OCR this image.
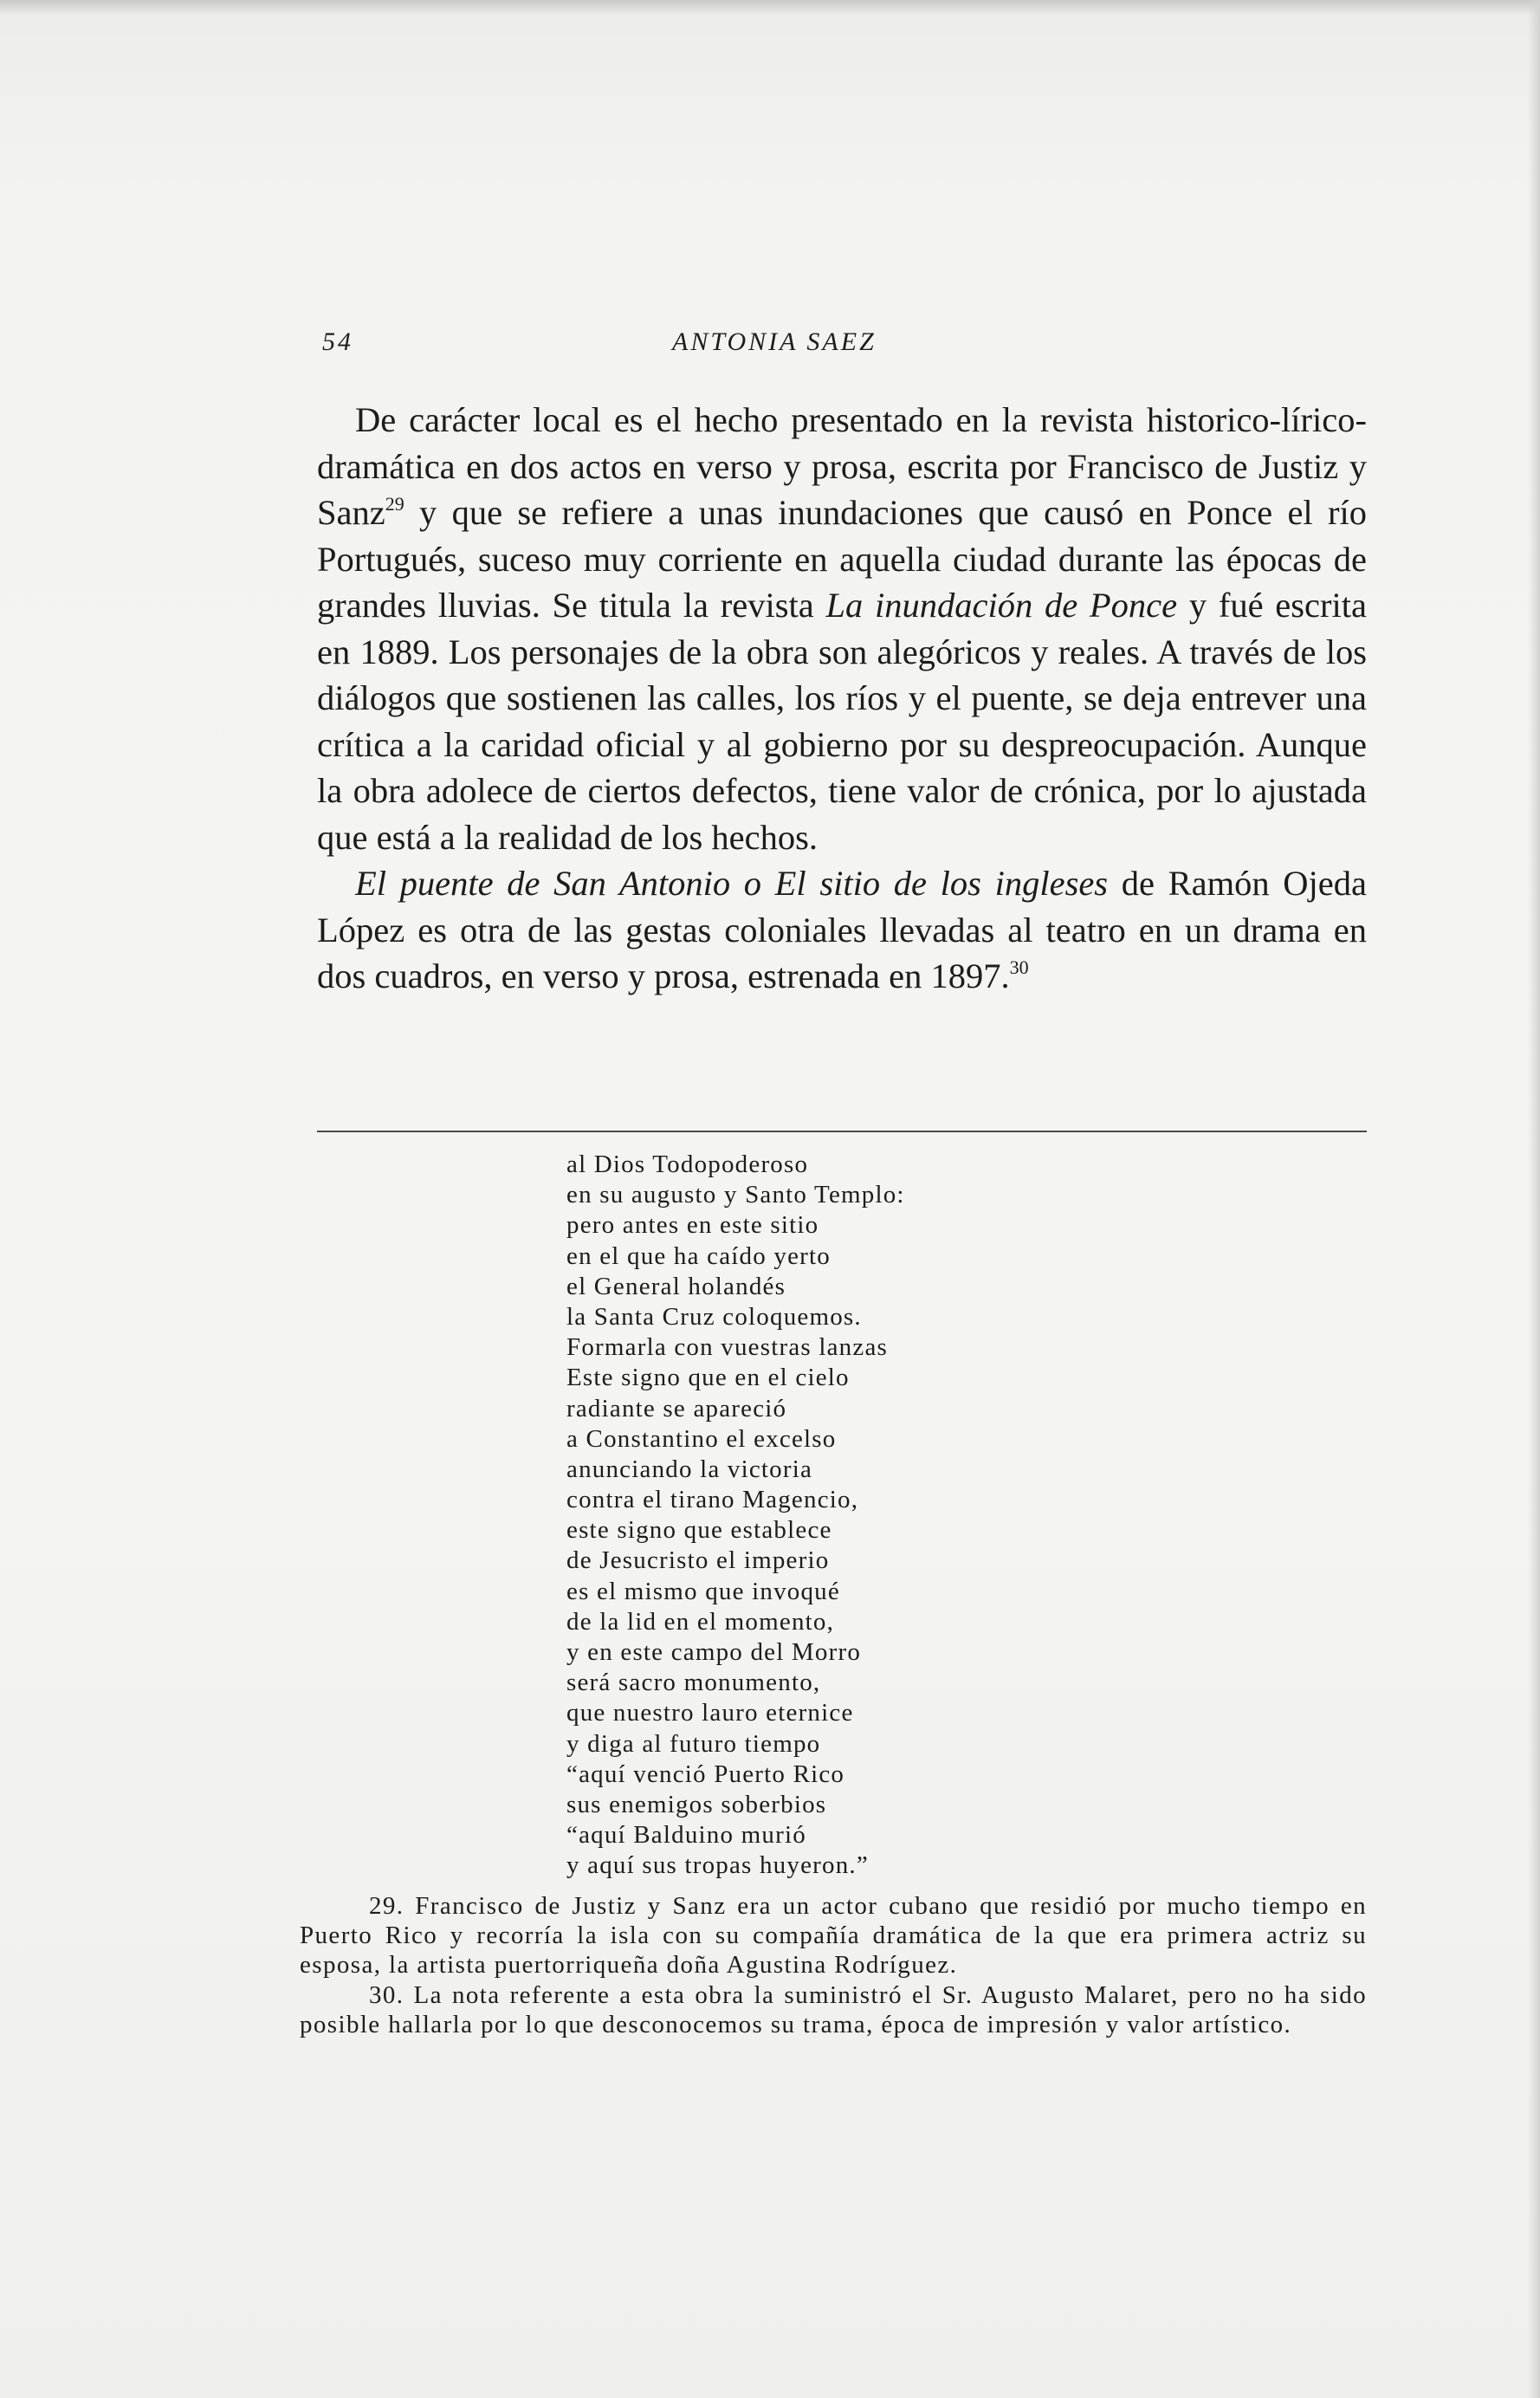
54	ANTONIA SAEZ

De carácter local es el hecho presentado en la revista historico-lírico-dramática en dos actos en verso y prosa, escrita por Francisco de Justiz y Sanz$^{29}$ y que se refiere a unas inundaciones que causó en Ponce el río Portugués, suceso muy corriente en aquella ciudad durante las épocas de grandes lluvias. Se titula la revista La inundación de Ponce y fué escrita en 1889. Los personajes de la obra son alegóricos y reales. A través de los diálogos que sostienen las calles, los ríos y el puente, se deja entrever una crítica a la caridad oficial y al gobierno por su despreocupación. Aunque la obra adolece de ciertos defectos, tiene valor de crónica, por lo ajustada que está a la realidad de los hechos.

El puente de San Antonio o El sitio de los ingleses de Ramón Ojeda López es otra de las gestas coloniales llevadas al teatro en un drama en dos cuadros, en verso y prosa, estrenada en 1897.30

al Dios Todopoderoso
en su augusto y Santo Templo:
pero antes en este sitio
en el que ha caído yerto
el General holandés
la Santa Cruz coloquemos.
Formarla con vuestras lanzas
Este signo que en el cielo
radiante se apareció
a Constantino el excelso
anunciando la victoria
contra el tirano Magencio,
este signo que establece
de Jesucristo el imperio
es el mismo que invoqué
de la lid en el momento,
y en este campo del Morro
será sacro monumento,
que nuestro lauro eternice
y diga al futuro tiempo
“aquí venció Puerto Rico
sus enemigos soberbios
“aquí Balduino murió
y aquí sus tropas huyeron.”

29. Francisco de Justiz y Sanz era un actor cubano que residió por mucho tiempo en Puerto Rico y recorría la isla con su compañía dramática de la que era primera actriz su esposa, la artista puertorriqueña doña Agustina Rodríguez.

30. La nota referente a esta obra la suministró el Sr. Augusto Malaret, pero no ha sido posible hallarla por lo que desconocemos su trama, época de impresión y valor artístico.
